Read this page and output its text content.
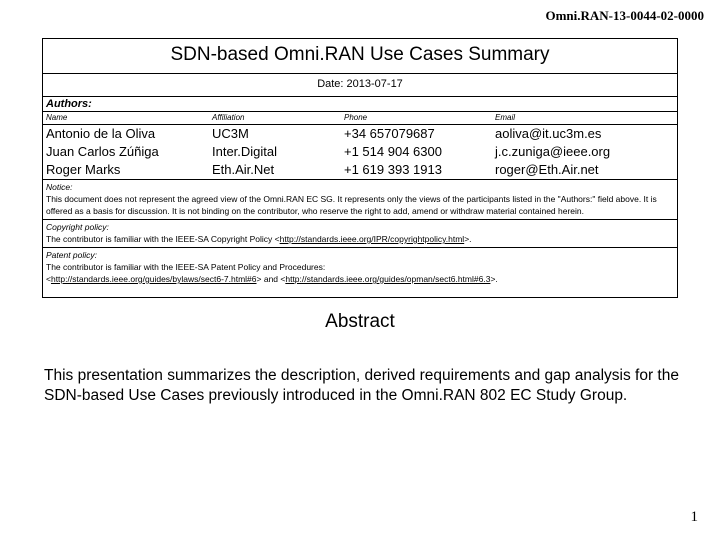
Omni.RAN-13-0044-02-0000
SDN-based Omni.RAN Use Cases Summary
Date: 2013-07-17
Authors:
Name	Affiliation	Phone	Email
Antonio de la Oliva	UC3M	+34 657079687	aoliva@it.uc3m.es
Juan Carlos Zúñiga	Inter.Digital	+1 514 904 6300	j.c.zuniga@ieee.org
Roger Marks	Eth.Air.Net	+1 619 393 1913	roger@Eth.Air.net
Notice:
This document does not represent the agreed view of the Omni.RAN EC SG. It represents only the views of the participants listed in the "Authors:" field above. It is offered as a basis for discussion. It is not binding on the contributor, who reserve the right to add, amend or withdraw material contained herein.
Copyright policy:
The contributor is familiar with the IEEE-SA Copyright Policy <http://standards.ieee.org/IPR/copyrightpolicy.html>.
Patent policy:
The contributor is familiar with the IEEE-SA Patent Policy and Procedures:
<http://standards.ieee.org/guides/bylaws/sect6-7.html#6> and <http://standards.ieee.org/guides/opman/sect6.html#6.3>.
Abstract
This presentation summarizes the description, derived requirements and gap analysis for the SDN-based Use Cases previously introduced in the Omni.RAN 802 EC Study Group.
1
